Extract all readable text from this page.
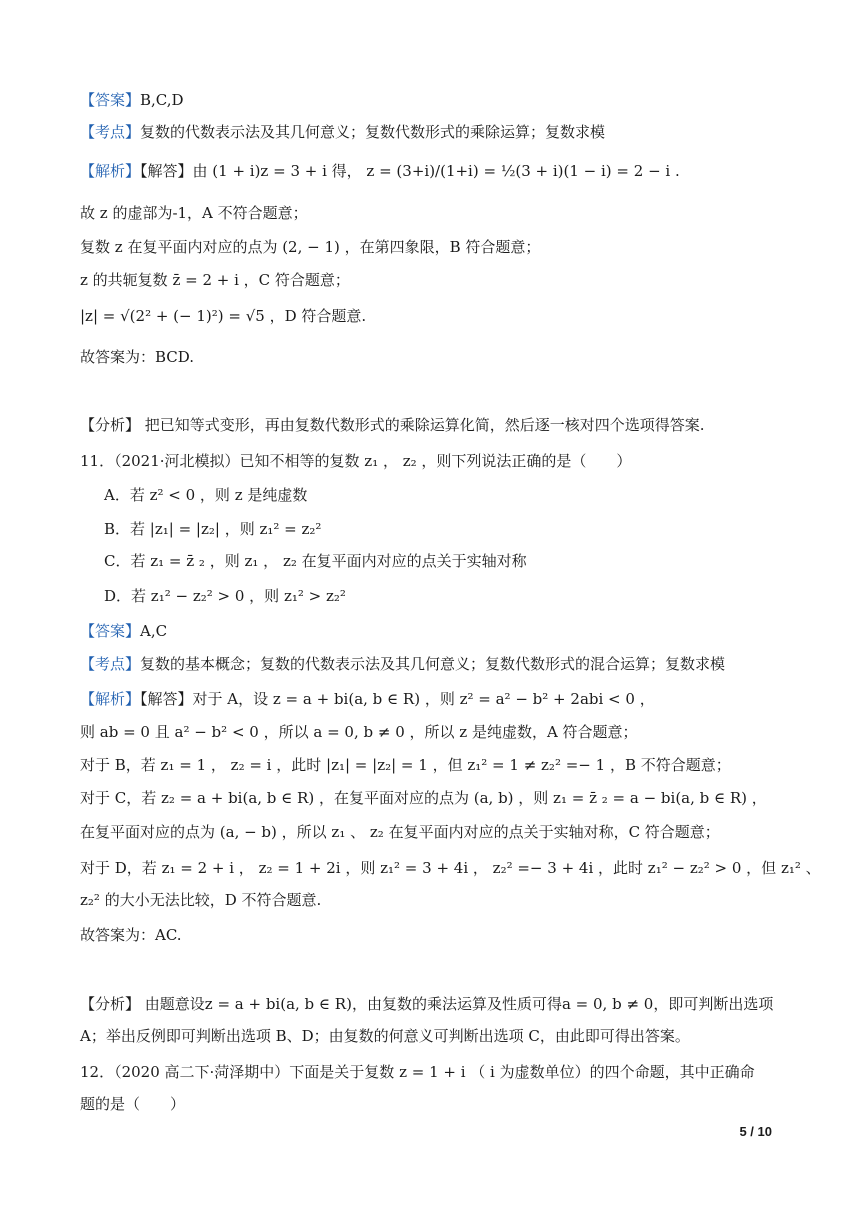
【答案】B,C,D
【考点】复数的代数表示法及其几何意义；复数代数形式的乘除运算；复数求模
【解析】【解答】由 (1 + i)z = 3 + i 得， z = (3+i)/(1+i) = ½(3 + i)(1 − i) = 2 − i .
故 z 的虚部为-1，A 不符合题意；
复数 z 在复平面内对应的点为 (2, − 1) ，在第四象限，B 符合题意；
z 的共轭复数 z̄ = 2 + i ，C 符合题意；
|z| = √(2² + (− 1)²) = √5 ，D 符合题意.
故答案为：BCD.
【分析】 把已知等式变形，再由复数代数形式的乘除运算化简，然后逐一核对四个选项得答案.
11．（2021·河北模拟）已知不相等的复数 z₁ ， z₂ ，则下列说法正确的是（　　）
A．若 z² < 0 ，则 z 是纯虚数
B．若 |z₁| = |z₂| ，则 z₁² = z₂²
C．若 z₁ = z̄ ₂ ，则 z₁ ， z₂ 在复平面内对应的点关于实轴对称
D．若 z₁² − z₂² > 0 ，则 z₁² > z₂²
【答案】A,C
【考点】复数的基本概念；复数的代数表示法及其几何意义；复数代数形式的混合运算；复数求模
【解析】【解答】对于 A，设 z = a + bi(a, b ∈ R) ，则 z² = a² − b² + 2abi < 0 ，
则 ab = 0 且 a² − b² < 0 ，所以 a = 0, b ≠ 0 ，所以 z 是纯虚数，A 符合题意；
对于 B，若 z₁ = 1 ， z₂ = i ，此时 |z₁| = |z₂| = 1 ，但 z₁² = 1 ≠ z₂² =− 1 ，B 不符合题意；
对于 C，若 z₂ = a + bi(a, b ∈ R) ，在复平面对应的点为 (a, b) ，则 z₁ = z̄ ₂ = a − bi(a, b ∈ R) ，
在复平面对应的点为 (a, − b) ，所以 z₁ 、 z₂ 在复平面内对应的点关于实轴对称，C 符合题意；
对于 D，若 z₁ = 2 + i ， z₂ = 1 + 2i ，则 z₁² = 3 + 4i ， z₂² =− 3 + 4i ，此时 z₁² − z₂² > 0 ，但 z₁² 、
z₂² 的大小无法比较，D 不符合题意.
故答案为：AC.
【分析】 由题意设z = a + bi(a, b ∈ R)，由复数的乘法运算及性质可得a = 0, b ≠ 0，即可判断出选项
A；举出反例即可判断出选项 B、D；由复数的何意义可判断出选项 C，由此即可得出答案。
12．（2020 高二下·菏泽期中）下面是关于复数 z = 1 + i （ i 为虚数单位）的四个命题，其中正确命
题的是（　　）
5 / 10
